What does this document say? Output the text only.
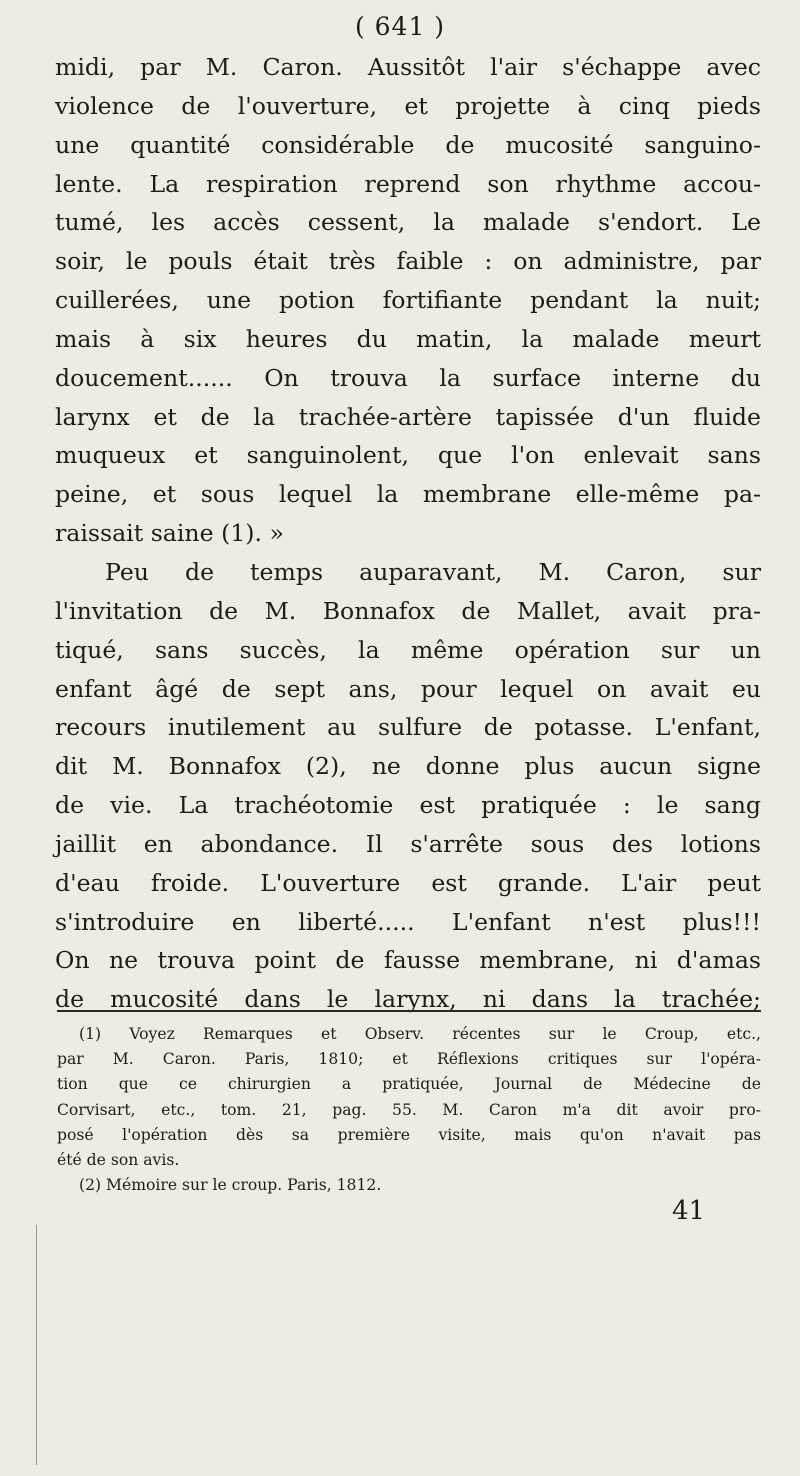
( 641 )
midi, par M. Caron. Aussitôt l'air s'échappe avec
violence de l'ouverture, et projette à cinq pieds
une quantité considérable de mucosité sanguino-
lente. La respiration reprend son rhythme accou-
tumé, les accès cessent, la malade s'endort. Le
soir, le pouls était très faible : on administre, par
cuillerées, une potion fortifiante pendant la nuit;
mais à six heures du matin, la malade meurt
doucement...... On trouva la surface interne du
larynx et de la trachée-artère tapissée d'un fluide
muqueux et sanguinolent, que l'on enlevait sans
peine, et sous lequel la membrane elle-même pa-
raissait saine (1). »
Peu de temps auparavant, M. Caron, sur
l'invitation de M. Bonnafox de Mallet, avait pra-
tiqué, sans succès, la même opération sur un
enfant âgé de sept ans, pour lequel on avait eu
recours inutilement au sulfure de potasse. L'enfant,
dit M. Bonnafox (2), ne donne plus aucun signe
de vie. La trachéotomie est pratiquée : le sang
jaillit en abondance. Il s'arrête sous des lotions
d'eau froide. L'ouverture est grande. L'air peut
s'introduire en liberté..... L'enfant n'est plus!!!
On ne trouva point de fausse membrane, ni d'amas
de mucosité dans le larynx, ni dans la trachée;
(1) Voyez Remarques et Observ. récentes sur le Croup, etc.,
par M. Caron. Paris, 1810; et Réflexions critiques sur l'opéra-
tion que ce chirurgien a pratiquée, Journal de Médecine de
Corvisart, etc., tom. 21, pag. 55. M. Caron m'a dit avoir pro-
posé l'opération dès sa première visite, mais qu'on n'avait pas
été de son avis.
(2) Mémoire sur le croup. Paris, 1812.
41
